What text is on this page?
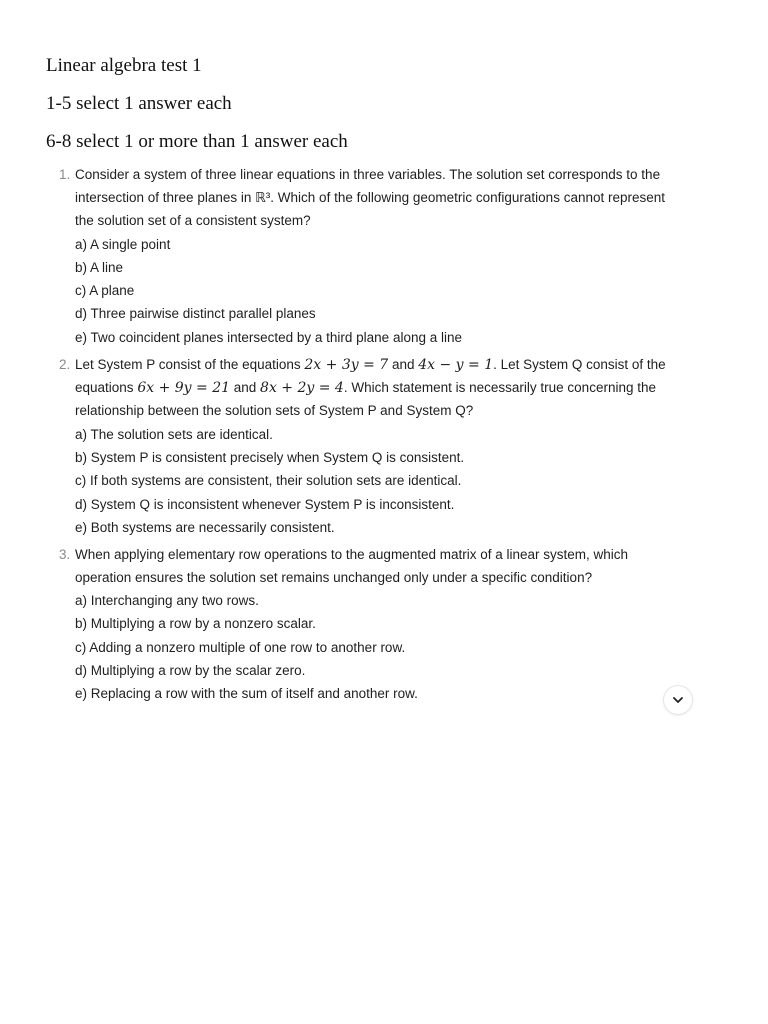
Linear algebra test 1
1-5 select 1 answer each
6-8 select 1 or more than 1 answer each
1. Consider a system of three linear equations in three variables. The solution set corresponds to the
intersection of three planes in ℝ³. Which of the following geometric configurations cannot represent
the solution set of a consistent system?
a) A single point
b) A line
c) A plane
d) Three pairwise distinct parallel planes
e) Two coincident planes intersected by a third plane along a line
2. Let System P consist of the equations 2x + 3y = 7 and 4x − y = 1. Let System Q consist of the
equations 6x + 9y = 21 and 8x + 2y = 4. Which statement is necessarily true concerning the
relationship between the solution sets of System P and System Q?
a) The solution sets are identical.
b) System P is consistent precisely when System Q is consistent.
c) If both systems are consistent, their solution sets are identical.
d) System Q is inconsistent whenever System P is inconsistent.
e) Both systems are necessarily consistent.
3. When applying elementary row operations to the augmented matrix of a linear system, which
operation ensures the solution set remains unchanged only under a specific condition?
a) Interchanging any two rows.
b) Multiplying a row by a nonzero scalar.
c) Adding a nonzero multiple of one row to another row.
d) Multiplying a row by the scalar zero.
e) Replacing a row with the sum of itself and another row.
